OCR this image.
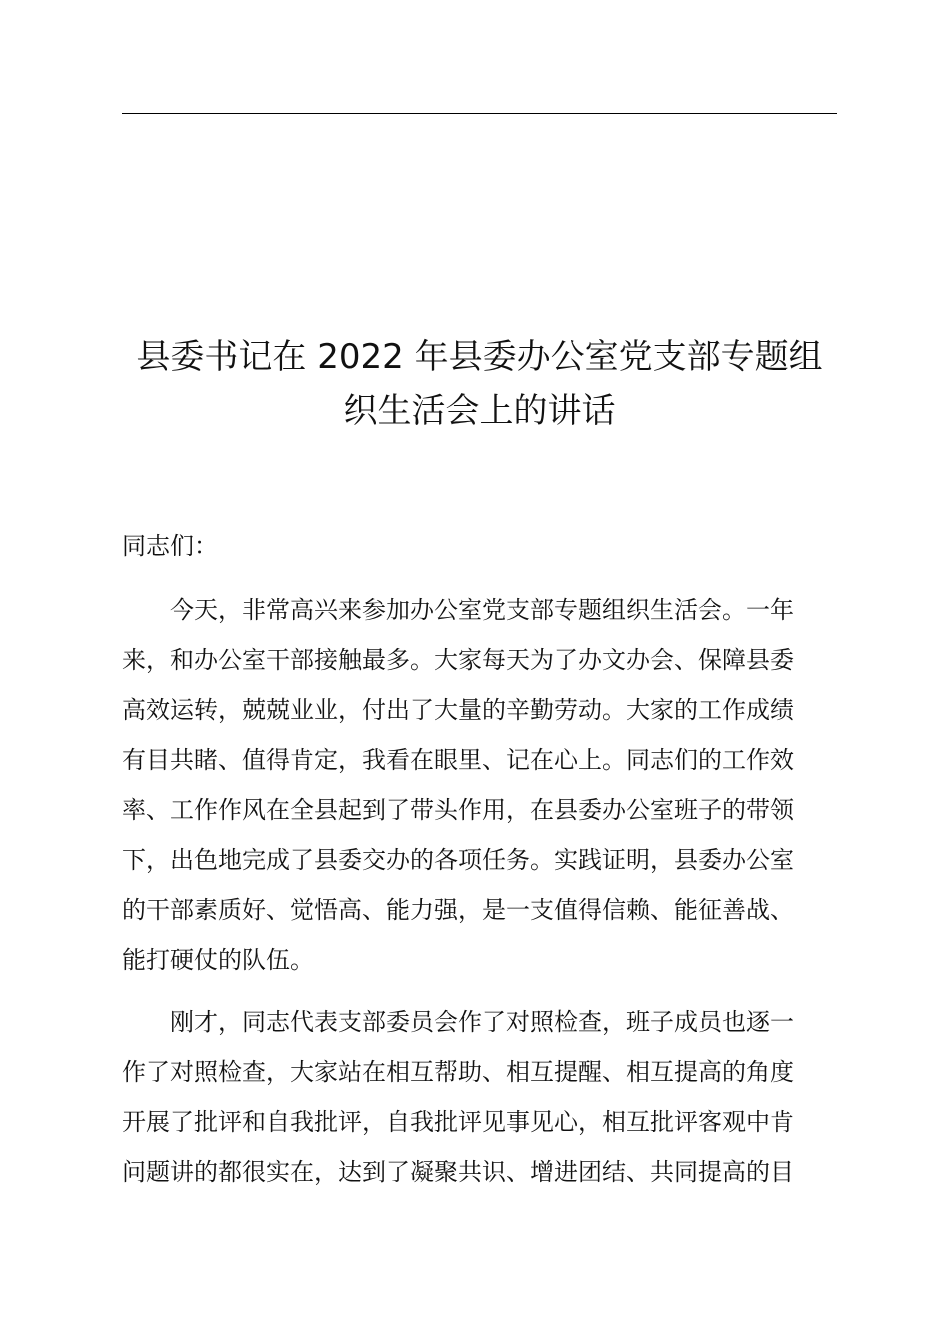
县委书记在 2022 年县委办公室党支部专题组
织生活会上的讲话
同志们：
今天，非常高兴来参加办公室党支部专题组织生活会。一年
来，和办公室干部接触最多。大家每天为了办文办会、保障县委
高效运转，兢兢业业，付出了大量的辛勤劳动。大家的工作成绩
有目共睹、值得肯定，我看在眼里、记在心上。同志们的工作效
率、工作作风在全县起到了带头作用，在县委办公室班子的带领
下，出色地完成了县委交办的各项任务。实践证明，县委办公室
的干部素质好、觉悟高、能力强，是一支值得信赖、能征善战、
能打硬仗的队伍。
刚才，同志代表支部委员会作了对照检查，班子成员也逐一
作了对照检查，大家站在相互帮助、相互提醒、相互提高的角度
开展了批评和自我批评，自我批评见事见心，相互批评客观中肯
问题讲的都很实在，达到了凝聚共识、增进团结、共同提高的目
